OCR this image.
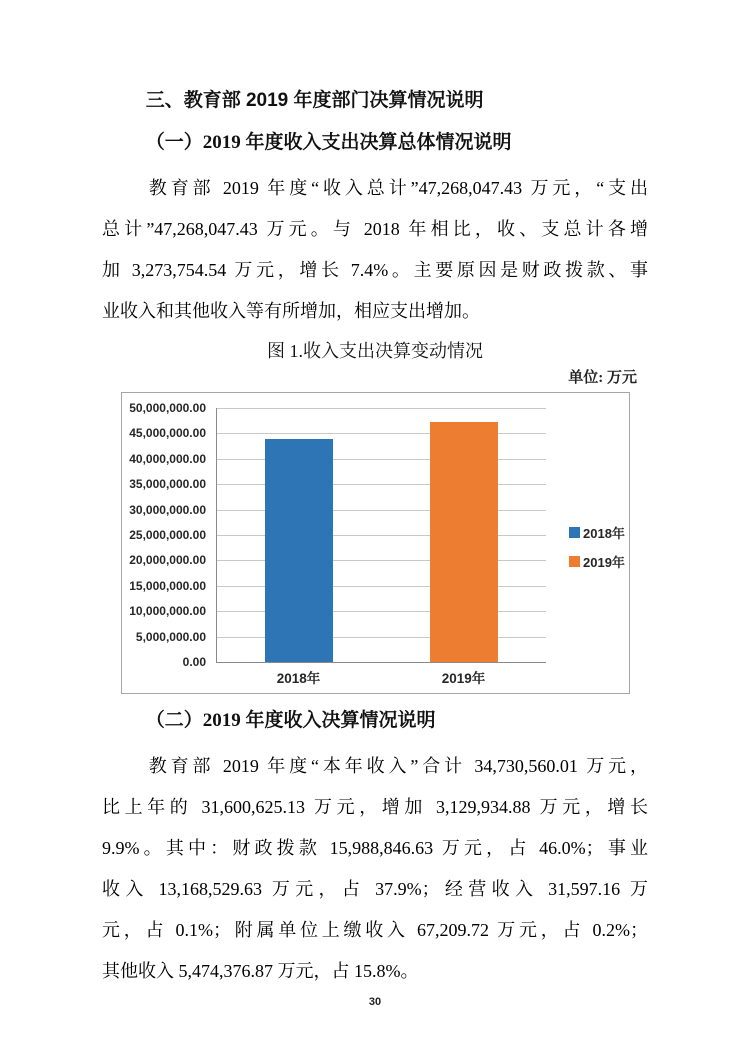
三、教育部 2019 年度部门决算情况说明
（一）2019 年度收入支出决算总体情况说明
教育部 2019 年度“收入总计”47,268,047.43 万元，“支出
总计”47,268,047.43 万元。与 2018 年相比，收、支总计各增
加 3,273,754.54 万元，增长 7.4%。主要原因是财政拨款、事
业收入和其他收入等有所增加，相应支出增加。
图 1.收入支出决算变动情况
单位: 万元
0.00
5,000,000.00
10,000,000.00
15,000,000.00
20,000,000.00
25,000,000.00
30,000,000.00
35,000,000.00
40,000,000.00
45,000,000.00
50,000,000.00
2018年	2019年
2018年
2019年
（二）2019 年度收入决算情况说明
教育部 2019 年度“本年收入”合计 34,730,560.01 万元，
比上年的 31,600,625.13 万元，增加 3,129,934.88 万元，增长
9.9%。其中：财政拨款 15,988,846.63 万元，占 46.0%；事业
收入 13,168,529.63 万元，占 37.9%；经营收入 31,597.16 万
元，占 0.1%；附属单位上缴收入 67,209.72 万元，占 0.2%；
其他收入 5,474,376.87 万元，占 15.8%。
30
